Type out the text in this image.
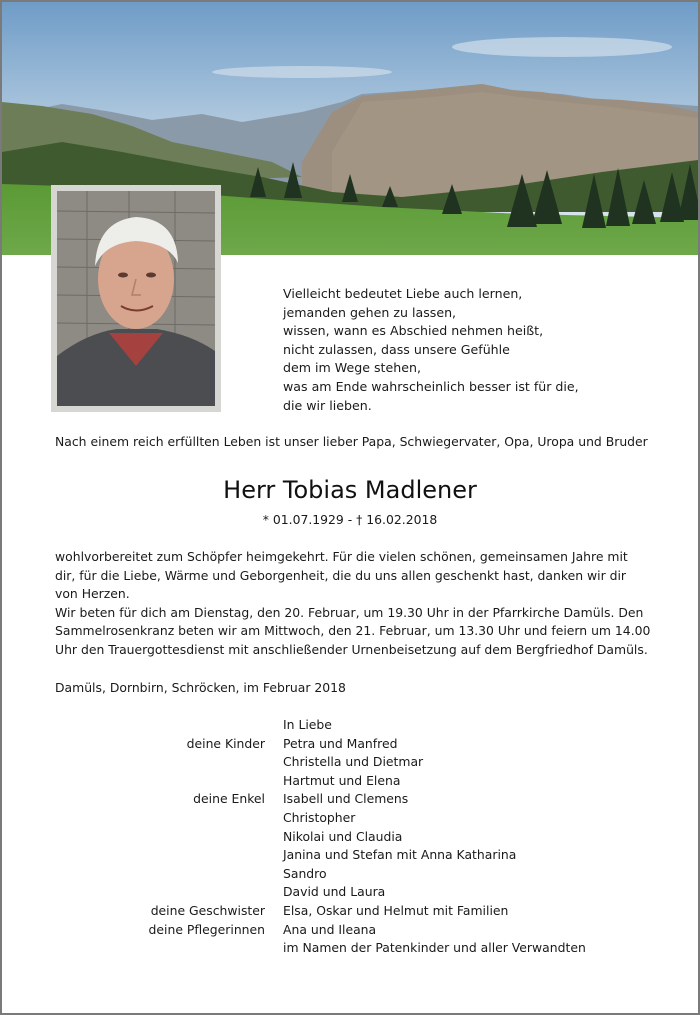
Vielleicht bedeutet Liebe auch lernen,
jemanden gehen zu lassen,
wissen, wann es Abschied nehmen heißt,
nicht zulassen, dass unsere Gefühle
dem im Wege stehen,
was am Ende wahrscheinlich besser ist für die,
die wir lieben.
Nach einem reich erfüllten Leben ist unser lieber Papa, Schwiegervater, Opa, Uropa und Bruder
Herr Tobias Madlener
* 01.07.1929 - † 16.02.2018
wohlvorbereitet zum Schöpfer heimgekehrt. Für die vielen schönen, gemeinsamen Jahre mit
dir, für die Liebe, Wärme und Geborgenheit, die du uns allen geschenkt hast, danken wir dir
von Herzen.
Wir beten für dich am Dienstag, den 20. Februar, um 19.30 Uhr in der Pfarrkirche Damüls. Den
Sammelrosenkranz beten wir am Mittwoch, den 21. Februar, um 13.30 Uhr und feiern um 14.00
Uhr den Trauergottesdienst mit anschließender Urnenbeisetzung auf dem Bergfriedhof Damüls.
Damüls, Dornbirn, Schröcken, im Februar 2018
In Liebe
deine Kinder Petra und Manfred
Christella und Dietmar
Hartmut und Elena
deine Enkel Isabell und Clemens
Christopher
Nikolai und Claudia
Janina und Stefan mit Anna Katharina
Sandro
David und Laura
deine Geschwister Elsa, Oskar und Helmut mit Familien
deine Pflegerinnen Ana und Ileana
im Namen der Patenkinder und aller Verwandten
